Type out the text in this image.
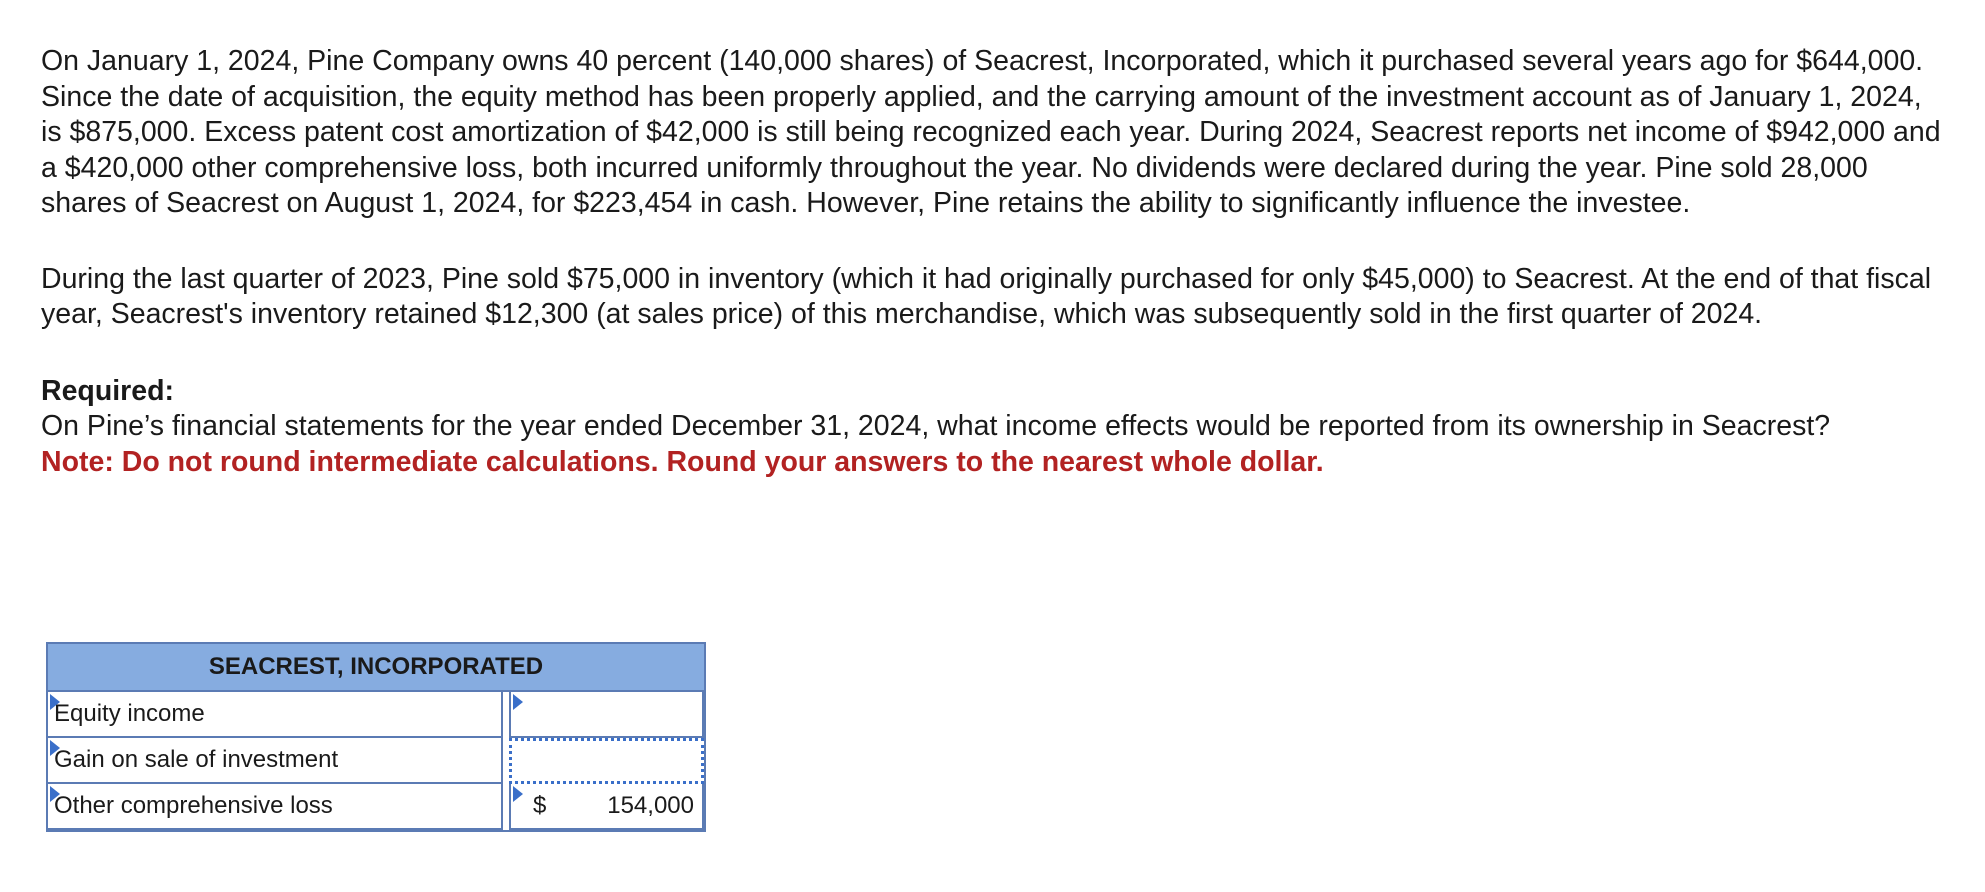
On January 1, 2024, Pine Company owns 40 percent (140,000 shares) of Seacrest, Incorporated, which it purchased several years ago for $644,000. Since the date of acquisition, the equity method has been properly applied, and the carrying amount of the investment account as of January 1, 2024, is $875,000. Excess patent cost amortization of $42,000 is still being recognized each year. During 2024, Seacrest reports net income of $942,000 and a $420,000 other comprehensive loss, both incurred uniformly throughout the year. No dividends were declared during the year. Pine sold 28,000 shares of Seacrest on August 1, 2024, for $223,454 in cash. However, Pine retains the ability to significantly influence the investee.

During the last quarter of 2023, Pine sold $75,000 in inventory (which it had originally purchased for only $45,000) to Seacrest. At the end of that fiscal year, Seacrest's inventory retained $12,300 (at sales price) of this merchandise, which was subsequently sold in the first quarter of 2024.

Required:

On Pine’s financial statements for the year ended December 31, 2024, what income effects would be reported from its ownership in Seacrest?

Note: Do not round intermediate calculations. Round your answers to the nearest whole dollar.

SEACREST, INCORPORATED
Equity income
Gain on sale of investment
Other comprehensive loss	$	154,000
